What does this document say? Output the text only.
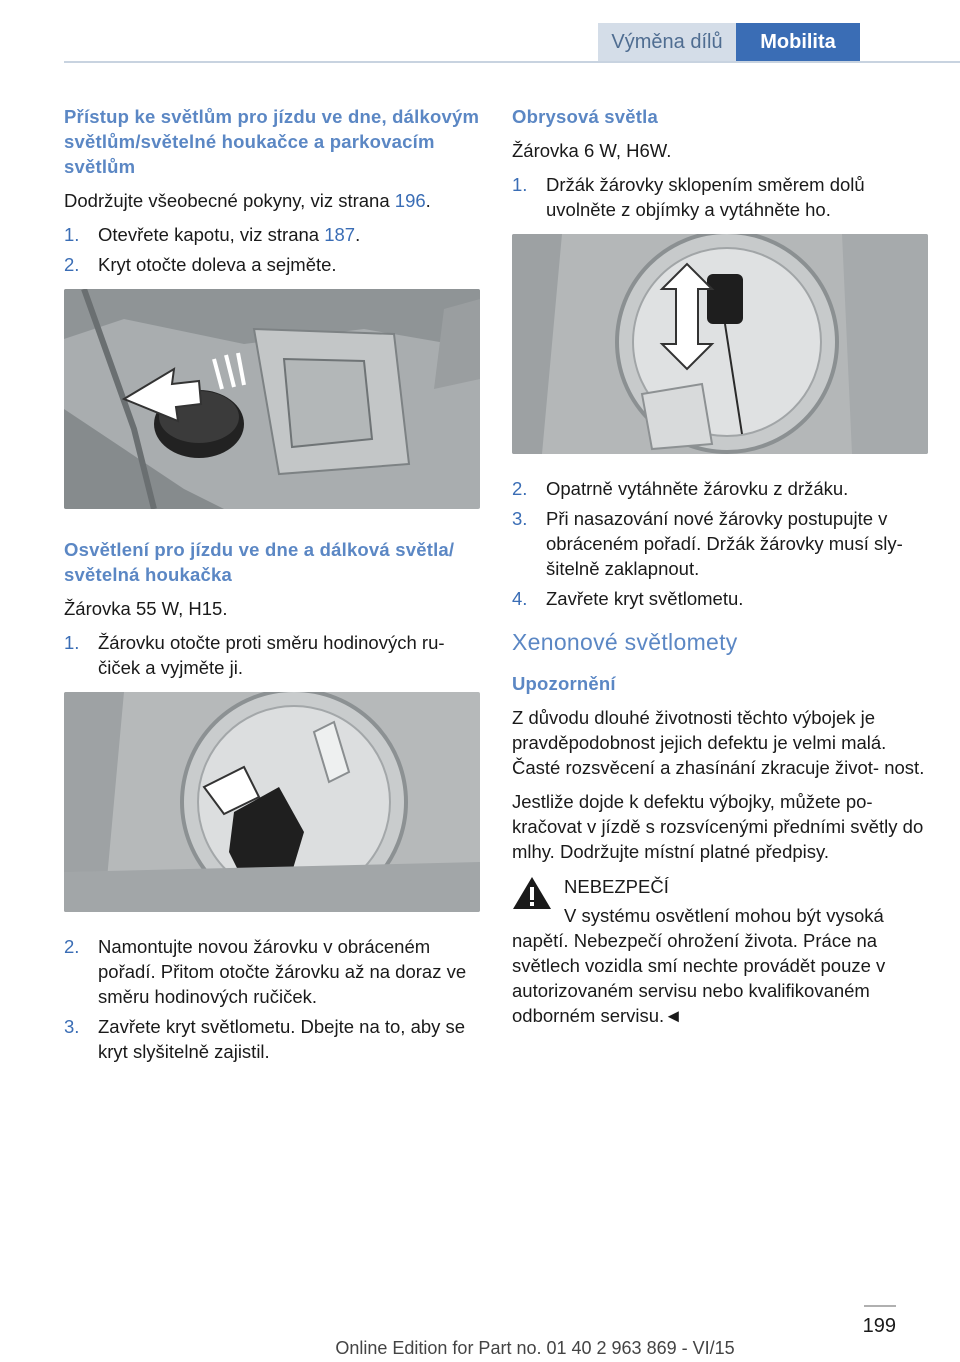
Výměna dílů	Mobilita
Přístup ke světlům pro jízdu ve dne, dálkovým světlům/světelné houkačce a parkovacím světlům
Dodržujte všeobecné pokyny, viz strana 196.
1.	Otevřete kapotu, viz strana 187.
2.	Kryt otočte doleva a sejměte.
Osvětlení pro jízdu ve dne a dálková světla/ světelná houkačka
Žárovka 55 W, H15.
1.	Žárovku otočte proti směru hodinových ru‐ čiček a vyjměte ji.
2.	Namontujte novou žárovku v obráceném pořadí. Přitom otočte žárovku až na doraz ve směru hodinových ručiček.
3.	Zavřete kryt světlometu. Dbejte na to, aby se kryt slyšitelně zajistil.
Obrysová světla
Žárovka 6 W, H6W.
1.	Držák žárovky sklopením směrem dolů uvolněte z objímky a vytáhněte ho.
2.	Opatrně vytáhněte žárovku z držáku.
3.	Při nasazování nové žárovky postupujte v obráceném pořadí. Držák žárovky musí sly‐ šitelně zaklapnout.
4.	Zavřete kryt světlometu.
Xenonové světlomety
Upozornění
Z důvodu dlouhé životnosti těchto výbojek je pravděpodobnost jejich defektu je velmi malá. Časté rozsvěcení a zhasínání zkracuje život‐ nost.
Jestliže dojde k defektu výbojky, můžete po‐ kračovat v jízdě s rozsvícenými předními světly do mlhy. Dodržujte místní platné předpisy.
NEBEZPEČÍ
V systému osvětlení mohou být vysoká napětí. Nebezpečí ohrožení života. Práce na světlech vozidla smí nechte provádět pouze v autorizovaném servisu nebo kvalifikovaném odborném servisu.◄
199
Online Edition for Part no. 01 40 2 963 869 - VI/15
